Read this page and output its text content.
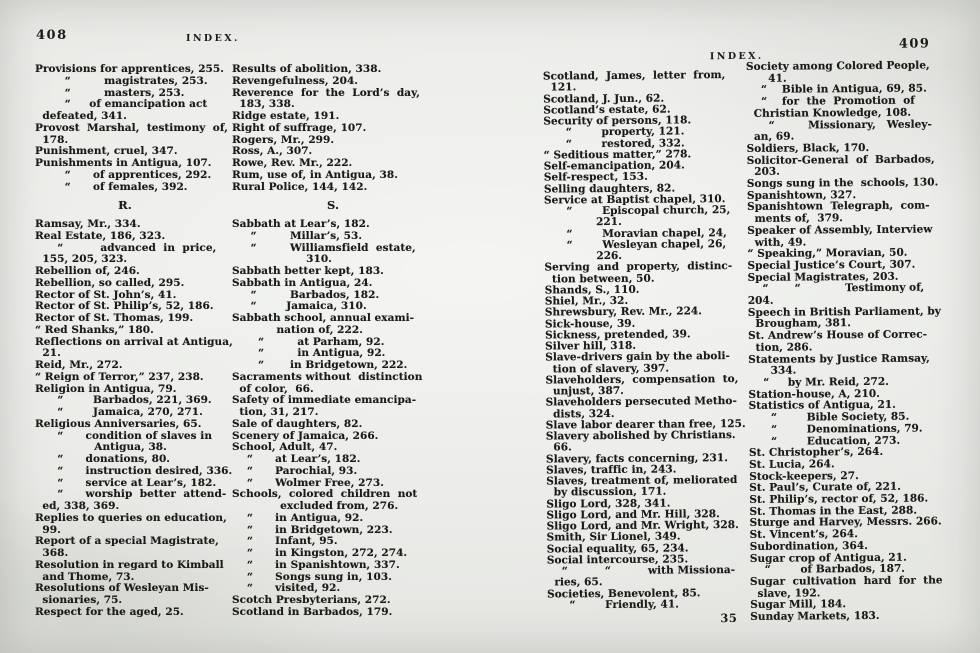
408	INDEX.
Provisions for apprentices, 255.
“         magistrates, 253.
“         masters, 253.
“     of emancipation act
defeated, 341.
Provost  Marshal,  testimony  of,
178.
Punishment, cruel, 347.
Punishments in Antigua, 107.
“      of apprentices, 292.
“      of females, 392.
R.
Ramsay, Mr., 334.
Real Estate, 186, 323.
“          advanced  in  price,
155, 205, 323.
Rebellion of, 246.
Rebellion, so called, 295.
Rector of St. John’s, 41.
Rector of St. Philip’s, 52, 186.
Rector of St. Thomas, 199.
“ Red Shanks,” 180.
Reflections on arrival at Antigua,
21.
Reid, Mr., 272.
“ Reign of Terror,” 237, 238.
Religion in Antigua, 79.
“        Barbados, 221, 369.
“        Jamaica, 270, 271.
Religious Anniversaries, 65.
“      condition of slaves in
Antigua, 38.
“      donations, 80.
“      instruction desired, 336.
“      service at Lear’s, 182.
“      worship  better  attend-
ed, 338, 369.
Replies to queries on education,
99.
Report of a special Magistrate,
368.
Resolution in regard to Kimball
and Thome, 73.
Resolutions of Wesleyan Mis-
sionaries, 75.
Respect for the aged, 25.
Results of abolition, 338.
Revengefulness, 204.
Reverence  for  the  Lord’s  day,
183, 338.
Ridge estate, 191.
Right of suffrage, 107.
Rogers, Mr., 299.
Ross, A., 307.
Rowe, Rev. Mr., 222.
Rum, use of, in Antigua, 38.
Rural Police, 144, 142.
S.
Sabbath at Lear’s, 182.
“         Millar’s, 53.
“         Williamsfield  estate,
310.
Sabbath better kept, 183.
Sabbath in Antigua, 24.
“         Barbados, 182.
“        Jamaica, 310.
Sabbath school, annual exami-
nation of, 222.
“         at Parham, 92.
“         in Antigua, 92.
“       in Bridgetown, 222.
Sacraments without  distinction
of color,  66.
Safety of immediate emancipa-
tion, 31, 217.
Sale of daughters, 82.
Scenery of Jamaica, 266.
School, Adult, 47.
“      at Lear’s, 182.
“      Parochial, 93.
“      Wolmer Free, 273.
Schools,  colored  children  not
excluded from, 276.
“      in Antigua, 92.
“      in Bridgetown, 223.
“      Infant, 95.
“      in Kingston, 272, 274.
“      in Spanishtown, 337.
“      Songs sung in, 103.
“      visited, 92.
Scotch Presbyterians, 272.
Scotland in Barbados, 179.
INDEX.
409
Scotland,  James,  letter  from,
121.
Scotland, J. Jun., 62.
Scotland’s estate, 62.
Security of persons, 118.
“        property, 121.
“        restored, 332.
“ Seditious matter,” 278.
Self-emancipation, 204.
Self-respect, 153.
Selling daughters, 82.
Service at Baptist chapel, 310.
“        Episcopal church, 25,
221.
“        Moravian chapel, 24,
“        Wesleyan chapel, 26,
226.
Serving  and  property,  distinc-
tion between, 50.
Shands, S., 110.
Shiel, Mr., 32.
Shrewsbury, Rev. Mr., 224.
Sick-house, 39.
Sickness, pretended, 39.
Silver hill, 318.
Slave-drivers gain by the aboli-
tion of slavery, 397.
Slaveholders,  compensation  to,
unjust, 387.
Slaveholders persecuted Metho-
dists, 324.
Slave labor dearer than free, 125.
Slavery abolished by Christians.
66.
Slavery, facts concerning, 231.
Slaves, traffic in, 243.
Slaves, treatment of, meliorated
by discussion, 171.
Sligo Lord, 328, 341.
Sligo Lord, and Mr. Hill, 328.
Sligo Lord, and Mr. Wright, 328.
Smith, Sir Lionel, 349.
Social equality, 65, 234.
Social intercourse, 235.
“          “          with Missiona-
ries, 65.
Societies, Benevolent, 85.
“        Friendly, 41.
Society among Colored People,
41.
“    Bible in Antigua, 69, 85.
“    for  the  Promotion  of
Christian Knowledge, 108.
“         Missionary,   Wesley-
an, 69.
Soldiers, Black, 170.
Solicitor-General  of  Barbados,
203.
Songs sung in the  schools, 130.
Spanishtown, 327.
Spanishtown  Telegraph,  com-
ments of,  379.
Speaker of Assembly, Interview
with, 49.
“ Speaking,” Moravian, 50.
Special Justice’s Court, 307.
Special Magistrates, 203.
“       “            Testimony of,
204.
Speech in British Parliament, by
Brougham, 381.
St. Andrew’s House of Correc-
tion, 286.
Statements by Justice Ramsay,
334.
“     by Mr. Reid, 272.
Station-house, A, 210.
Statistics of Antigua, 21.
“        Bible Society, 85.
“        Denominations, 79.
“        Education, 273.
St. Christopher’s, 264.
St. Lucia, 264.
Stock-keepers, 27.
St. Paul’s, Curate of, 221.
St. Philip’s, rector of, 52, 186.
St. Thomas in the East, 288.
Sturge and Harvey, Messrs. 266.
St. Vincent’s, 264.
Subordination, 364.
Sugar crop of Antigua, 21.
“        of Barbados, 187.
Sugar  cultivation  hard  for  the
slave, 192.
Sugar Mill, 184.
Sunday Markets, 183.
35
